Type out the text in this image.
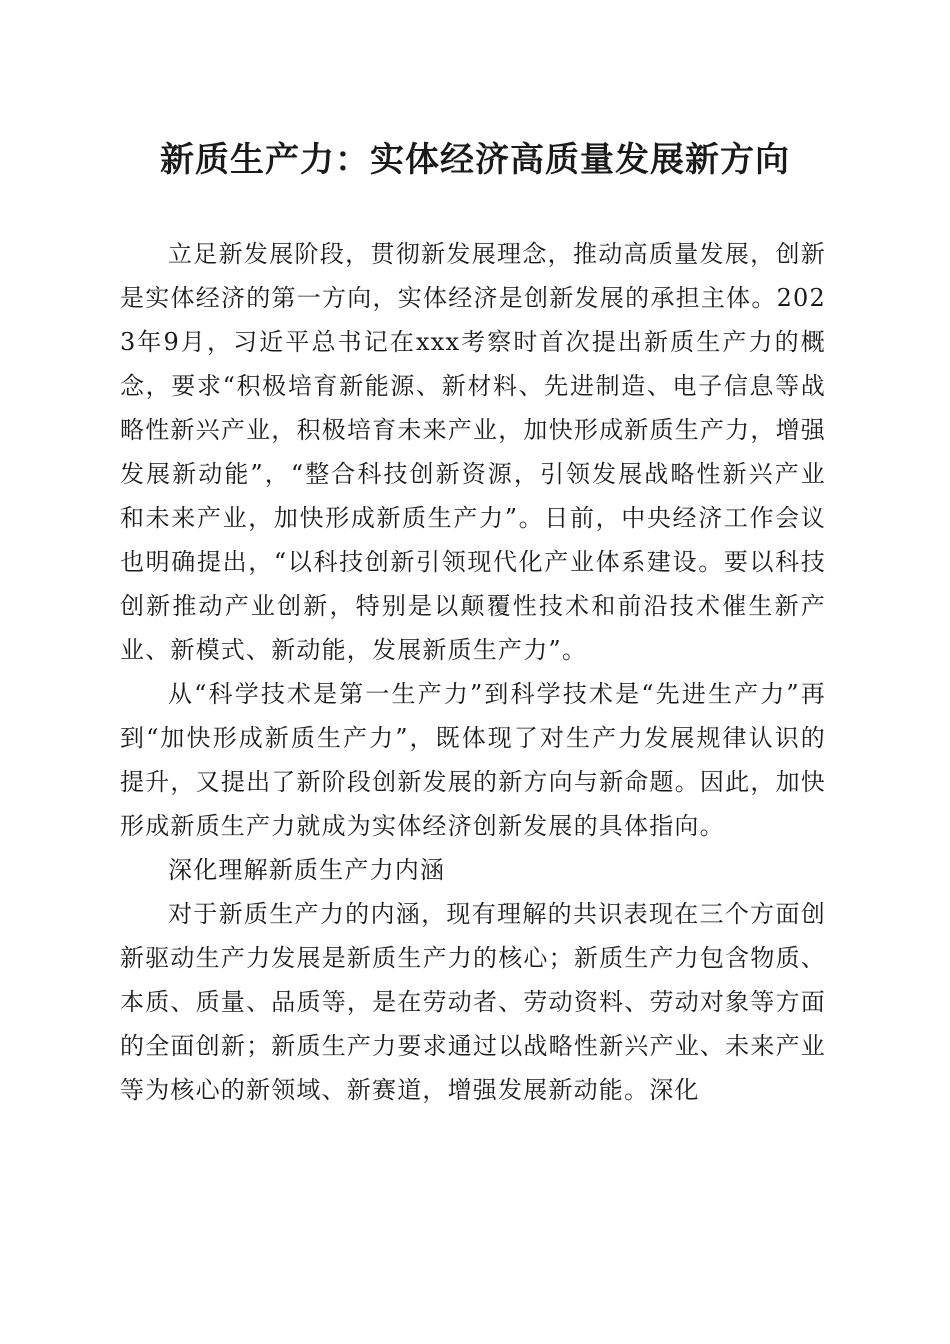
新质生产力：实体经济高质量发展新方向

立足新发展阶段，贯彻新发展理念，推动高质量发展，创新是实体经济的第一方向，实体经济是创新发展的承担主体。2023年9月，习近平总书记在xxx考察时首次提出新质生产力的概念，要求“积极培育新能源、新材料、先进制造、电子信息等战略性新兴产业，积极培育未来产业，加快形成新质生产力，增强发展新动能”，“整合科技创新资源，引领发展战略性新兴产业和未来产业，加快形成新质生产力”。日前，中央经济工作会议也明确提出，“以科技创新引领现代化产业体系建设。要以科技创新推动产业创新，特别是以颠覆性技术和前沿技术催生新产业、新模式、新动能，发展新质生产力”。

从“科学技术是第一生产力”到科学技术是“先进生产力”再到“加快形成新质生产力”，既体现了对生产力发展规律认识的提升，又提出了新阶段创新发展的新方向与新命题。因此，加快形成新质生产力就成为实体经济创新发展的具体指向。

深化理解新质生产力内涵

对于新质生产力的内涵，现有理解的共识表现在三个方面创新驱动生产力发展是新质生产力的核心；新质生产力包含物质、本质、质量、品质等，是在劳动者、劳动资料、劳动对象等方面的全面创新；新质生产力要求通过以战略性新兴产业、未来产业等为核心的新领域、新赛道，增强发展新动能。深化
